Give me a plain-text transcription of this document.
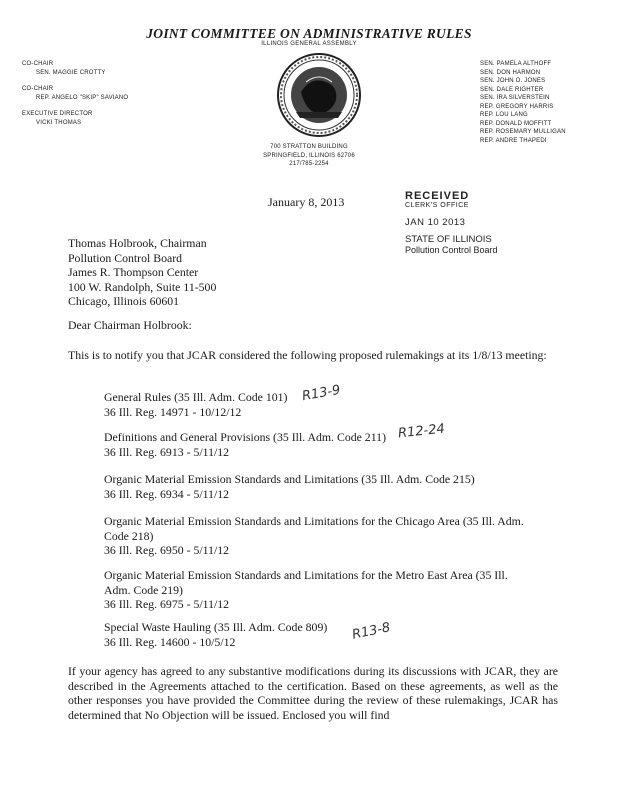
JOINT COMMITTEE ON ADMINISTRATIVE RULES
ILLINOIS GENERAL ASSEMBLY
CO-CHAIR
SEN. MAGGIE CROTTY
CO-CHAIR
REP. ANGELO "SKIP" SAVIANO
EXECUTIVE DIRECTOR
VICKI THOMAS
SEN. PAMELA ALTHOFF
SEN. DON HARMON
SEN. JOHN O. JONES
SEN. DALE RIGHTER
SEN. IRA SILVERSTEIN
REP. GREGORY HARRIS
REP. LOU LANG
REP. DONALD MOFFITT
REP. ROSEMARY MULLIGAN
REP. ANDRE THAPEDI
700 STRATTON BUILDING
SPRINGFIELD, ILLINOIS 62706
217/785-2254
January 8, 2013	RECEIVED
CLERK'S OFFICE
JAN 10 2013
STATE OF ILLINOIS
Pollution Control Board
Thomas Holbrook, Chairman
Pollution Control Board
James R. Thompson Center
100 W. Randolph, Suite 11-500
Chicago, Illinois 60601
Dear Chairman Holbrook:
This is to notify you that JCAR considered the following proposed rulemakings at its 1/8/13 meeting:
General Rules (35 Ill. Adm. Code 101)
36 Ill. Reg. 14971 - 10/12/12
R13-9
Definitions and General Provisions (35 Ill. Adm. Code 211)
36 Ill. Reg. 6913 - 5/11/12
R12-24
Organic Material Emission Standards and Limitations (35 Ill. Adm. Code 215)
36 Ill. Reg. 6934 - 5/11/12
Organic Material Emission Standards and Limitations for the Chicago Area (35 Ill. Adm. Code 218)
36 Ill. Reg. 6950 - 5/11/12
Organic Material Emission Standards and Limitations for the Metro East Area (35 Ill. Adm. Code 219)
36 Ill. Reg. 6975 - 5/11/12
Special Waste Hauling (35 Ill. Adm. Code 809)
36 Ill. Reg. 14600 - 10/5/12	R13-8
If your agency has agreed to any substantive modifications during its discussions with JCAR, they are described in the Agreements attached to the certification. Based on these agreements, as well as the other responses you have provided the Committee during the review of these rulemakings, JCAR has determined that No Objection will be issued. Enclosed you will find
